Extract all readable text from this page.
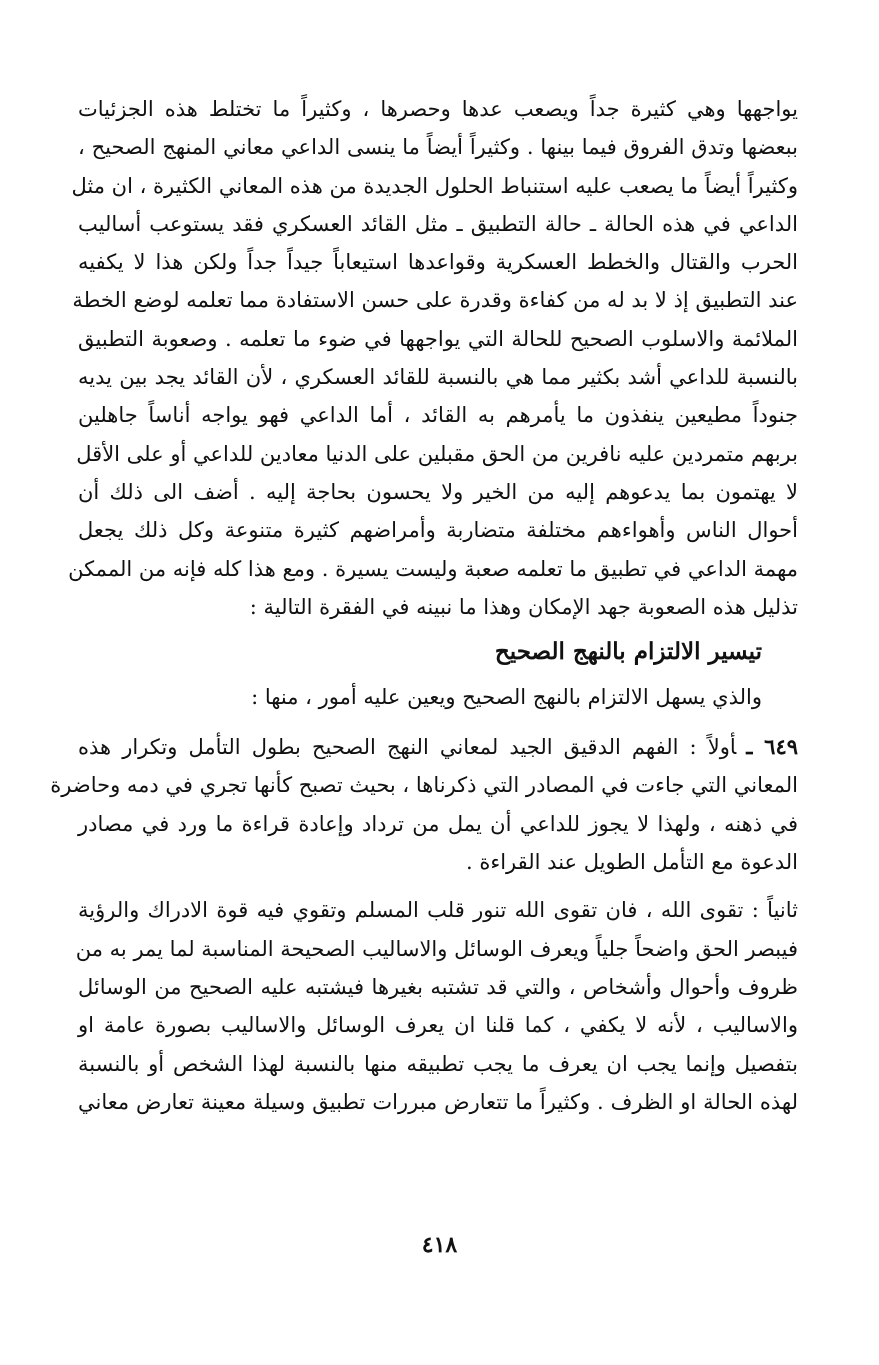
يواجهها وهي كثيرة جداً ويصعب عدها وحصرها ، وكثيراً ما تختلط هذه الجزئيات
ببعضها وتدق الفروق فيما بينها . وكثيراً أيضاً ما ينسى الداعي معاني المنهج الصحيح ،
وكثيراً أيضاً ما يصعب عليه استنباط الحلول الجديدة من هذه المعاني الكثيرة ، ان مثل
الداعي في هذه الحالة ـ حالة التطبيق ـ مثل القائد العسكري فقد يستوعب أساليب
الحرب والقتال والخطط العسكرية وقواعدها استيعاباً جيداً جداً ولكن هذا لا يكفيه
عند التطبيق إذ لا بد له من كفاءة وقدرة على حسن الاستفادة مما تعلمه لوضع الخطة
الملائمة والاسلوب الصحيح للحالة التي يواجهها في ضوء ما تعلمه . وصعوبة التطبيق
بالنسبة للداعي أشد بكثير مما هي بالنسبة للقائد العسكري ، لأن القائد يجد بين يديه
جنوداً مطيعين ينفذون ما يأمرهم به القائد ، أما الداعي فهو يواجه أناساً جاهلين
بربهم متمردين عليه نافرين من الحق مقبلين على الدنيا معادين للداعي أو على الأقل
لا يهتمون بما يدعوهم إليه من الخير ولا يحسون بحاجة إليه . أضف الى ذلك أن
أحوال الناس وأهواءهم مختلفة متضاربة وأمراضهم كثيرة متنوعة وكل ذلك يجعل
مهمة الداعي في تطبيق ما تعلمه صعبة وليست يسيرة . ومع هذا كله فإنه من الممكن
تذليل هذه الصعوبة جهد الإمكان وهذا ما نبينه في الفقرة التالية :
تيسير الالتزام بالنهج الصحيح
والذي يسهل الالتزام بالنهج الصحيح ويعين عليه أمور ، منها :
٦٤٩ ـأولاً : الفهم الدقيق الجيد لمعاني النهج الصحيح بطول التأمل وتكرار هذه
المعاني التي جاءت في المصادر التي ذكرناها ، بحيث تصبح كأنها تجري في دمه وحاضرة
في ذهنه ، ولهذا لا يجوز للداعي أن يمل من ترداد وإعادة قراءة ما ورد في مصادر
الدعوة مع التأمل الطويل عند القراءة .
ثانياً : تقوى الله ، فان تقوى الله تنور قلب المسلم وتقوي فيه قوة الادراك والرؤية
فيبصر الحق واضحاً جلياً ويعرف الوسائل والاساليب الصحيحة المناسبة لما يمر به من
ظروف وأحوال وأشخاص ، والتي قد تشتبه بغيرها فيشتبه عليه الصحيح من الوسائل
والاساليب ، لأنه لا يكفي ، كما قلنا ان يعرف الوسائل والاساليب بصورة عامة او
بتفصيل وإنما يجب ان يعرف ما يجب تطبيقه منها بالنسبة لهذا الشخص أو بالنسبة
لهذه الحالة او الظرف . وكثيراً ما تتعارض مبررات تطبيق وسيلة معينة تعارض معاني
٤١٨
